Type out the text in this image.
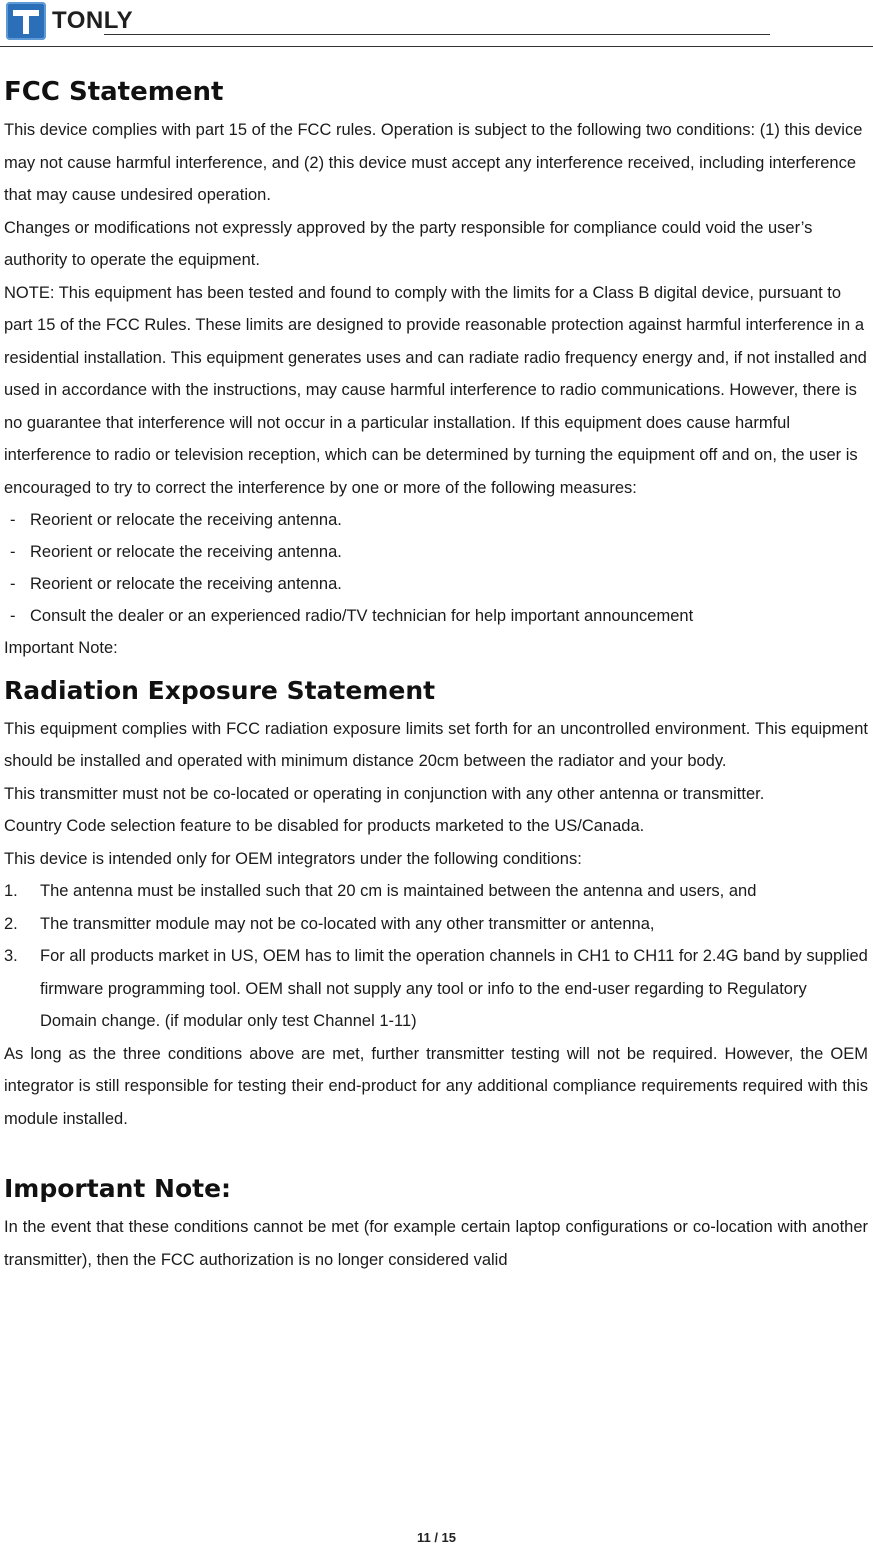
TONLY
FCC Statement

This device complies with part 15 of the FCC rules. Operation is subject to the following two conditions: (1) this device may not cause harmful interference, and (2) this device must accept any interference received, including interference that may cause undesired operation.

Changes or modifications not expressly approved by the party responsible for compliance could void the user’s authority to operate the equipment.

NOTE: This equipment has been tested and found to comply with the limits for a Class B digital device, pursuant to part 15 of the FCC Rules. These limits are designed to provide reasonable protection against harmful interference in a residential installation. This equipment generates uses and can radiate radio frequency energy and, if not installed and used in accordance with the instructions, may cause harmful interference to radio communications. However, there is no guarantee that interference will not occur in a particular installation. If this equipment does cause harmful interference to radio or television reception, which can be determined by turning the equipment off and on, the user is encouraged to try to correct the interference by one or more of the following measures:

- Reorient or relocate the receiving antenna.
- Reorient or relocate the receiving antenna.
- Reorient or relocate the receiving antenna.
- Consult the dealer or an experienced radio/TV technician for help important announcement

Important Note:

Radiation Exposure Statement

This equipment complies with FCC radiation exposure limits set forth for an uncontrolled environment. This equipment should be installed and operated with minimum distance 20cm between the radiator and your body.

This transmitter must not be co-located or operating in conjunction with any other antenna or transmitter.

Country Code selection feature to be disabled for products marketed to the US/Canada.

This device is intended only for OEM integrators under the following conditions:

1.	The antenna must be installed such that 20 cm is maintained between the antenna and users, and
2.	The transmitter module may not be co-located with any other transmitter or antenna,
3.	For all products market in US, OEM has to limit the operation channels in CH1 to CH11 for 2.4G band by supplied firmware programming tool. OEM shall not supply any tool or info to the end-user regarding to Regulatory Domain change. (if modular only test Channel 1-11)

As long as the three conditions above are met, further transmitter testing will not be required. However, the OEM integrator is still responsible for testing their end-product for any additional compliance requirements required with this module installed.

Important Note:

In the event that these conditions cannot be met (for example certain laptop configurations or co-location with another transmitter), then the FCC authorization is no longer considered valid

11 / 15
